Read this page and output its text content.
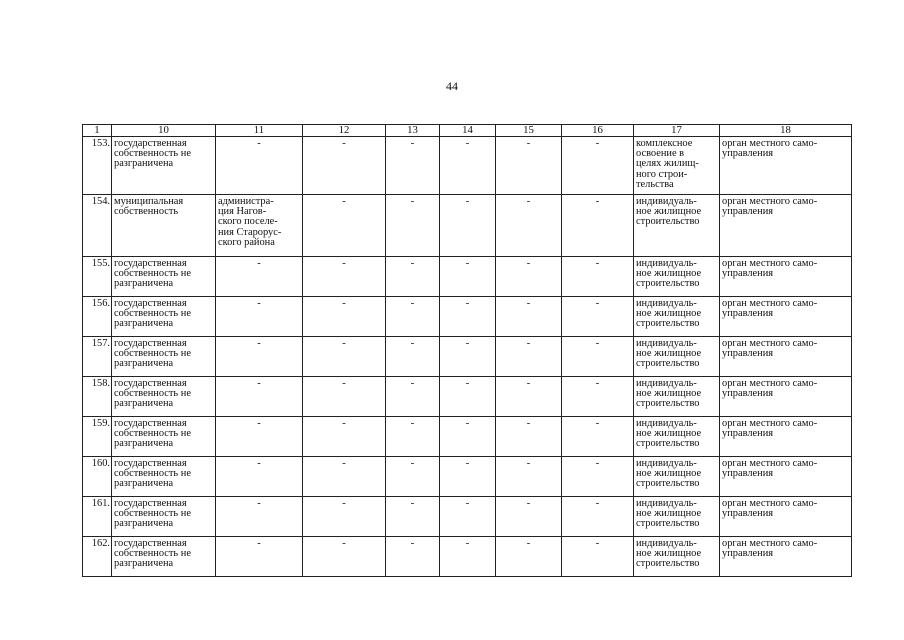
44
1	10	11	12	13	14	15	16	17	18
153.	государственная
собственность не
разграничена	-	-	-	-	-	-	комплексное
освоение в
целях жилищ-
ного строи-
тельства	орган местного само-
управления
154.	муниципальная
собственность	администра-
ция Нагов-
ского поселе-
ния Старорус-
ского района	-	-	-	-	-	индивидуаль-
ное жилищное
строительство	орган местного само-
управления
155.	государственная
собственность не
разграничена	-	-	-	-	-	-	индивидуаль-
ное жилищное
строительство	орган местного само-
управления
156.	государственная
собственность не
разграничена	-	-	-	-	-	-	индивидуаль-
ное жилищное
строительство	орган местного само-
управления
157.	государственная
собственность не
разграничена	-	-	-	-	-	-	индивидуаль-
ное жилищное
строительство	орган местного само-
управления
158.	государственная
собственность не
разграничена	-	-	-	-	-	-	индивидуаль-
ное жилищное
строительство	орган местного само-
управления
159.	государственная
собственность не
разграничена	-	-	-	-	-	-	индивидуаль-
ное жилищное
строительство	орган местного само-
управления
160.	государственная
собственность не
разграничена	-	-	-	-	-	-	индивидуаль-
ное жилищное
строительство	орган местного само-
управления
161.	государственная
собственность не
разграничена	-	-	-	-	-	-	индивидуаль-
ное жилищное
строительство	орган местного само-
управления
162.	государственная
собственность не
разграничена	-	-	-	-	-	-	индивидуаль-
ное жилищное
строительство	орган местного само-
управления
